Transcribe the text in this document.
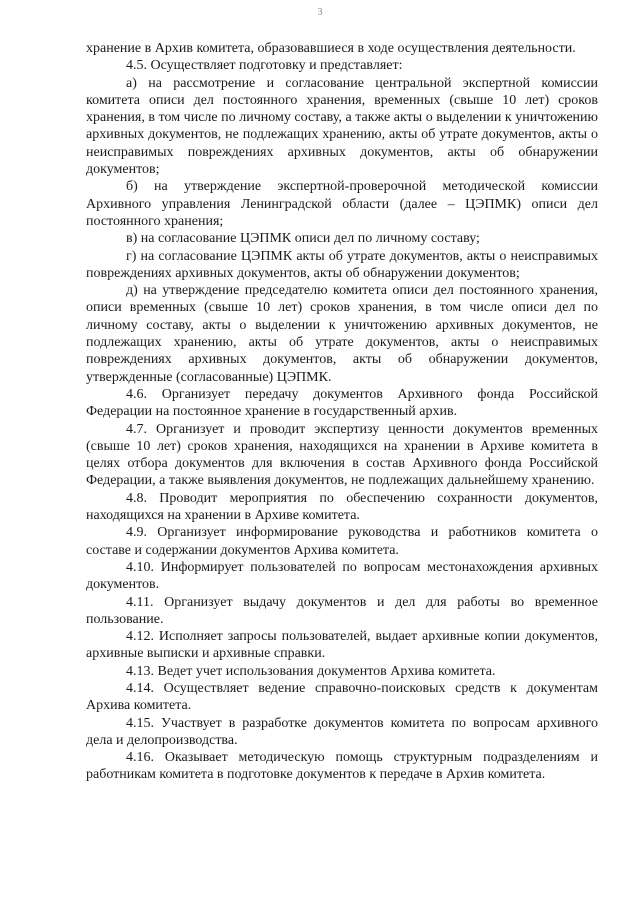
3

хранение в Архив комитета, образовавшиеся в ходе осуществления деятельности.

4.5. Осуществляет подготовку и представляет:

а) на рассмотрение и согласование центральной экспертной комиссии комитета описи дел постоянного хранения, временных (свыше 10 лет) сроков хранения, в том числе по личному составу, а также акты о выделении к уничтожению архивных документов, не подлежащих хранению, акты об утрате документов, акты о неисправимых повреждениях архивных документов, акты об обнаружении документов;

б) на утверждение экспертной-проверочной методической комиссии Архивного управления Ленинградской области (далее – ЦЭПМК) описи дел постоянного хранения;

в) на согласование ЦЭПМК описи дел по личному составу;

г) на согласование ЦЭПМК акты об утрате документов, акты о неисправимых повреждениях архивных документов, акты об обнаружении документов;

д) на утверждение председателю комитета описи дел постоянного хранения, описи временных (свыше 10 лет) сроков хранения, в том числе описи дел по личному составу, акты о выделении к уничтожению архивных документов, не подлежащих хранению, акты об утрате документов, акты о неисправимых повреждениях архивных документов, акты об обнаружении документов, утвержденные (согласованные) ЦЭПМК.

4.6. Организует передачу документов Архивного фонда Российской Федерации на постоянное хранение в государственный архив.

4.7. Организует и проводит экспертизу ценности документов временных (свыше 10 лет) сроков хранения, находящихся на хранении в Архиве комитета в целях отбора документов для включения в состав Архивного фонда Российской Федерации, а также выявления документов, не подлежащих дальнейшему хранению.

4.8. Проводит мероприятия по обеспечению сохранности документов, находящихся на хранении в Архиве комитета.

4.9. Организует информирование руководства и работников комитета о составе и содержании документов Архива комитета.

4.10. Информирует пользователей по вопросам местонахождения архивных документов.

4.11. Организует выдачу документов и дел для работы во временное пользование.

4.12. Исполняет запросы пользователей, выдает архивные копии документов, архивные выписки и архивные справки.

4.13. Ведет учет использования документов Архива комитета.

4.14. Осуществляет ведение справочно-поисковых средств к документам Архива комитета.

4.15. Участвует в разработке документов комитета по вопросам архивного дела и делопроизводства.

4.16. Оказывает методическую помощь структурным подразделениям и работникам комитета в подготовке документов к передаче в Архив комитета.
